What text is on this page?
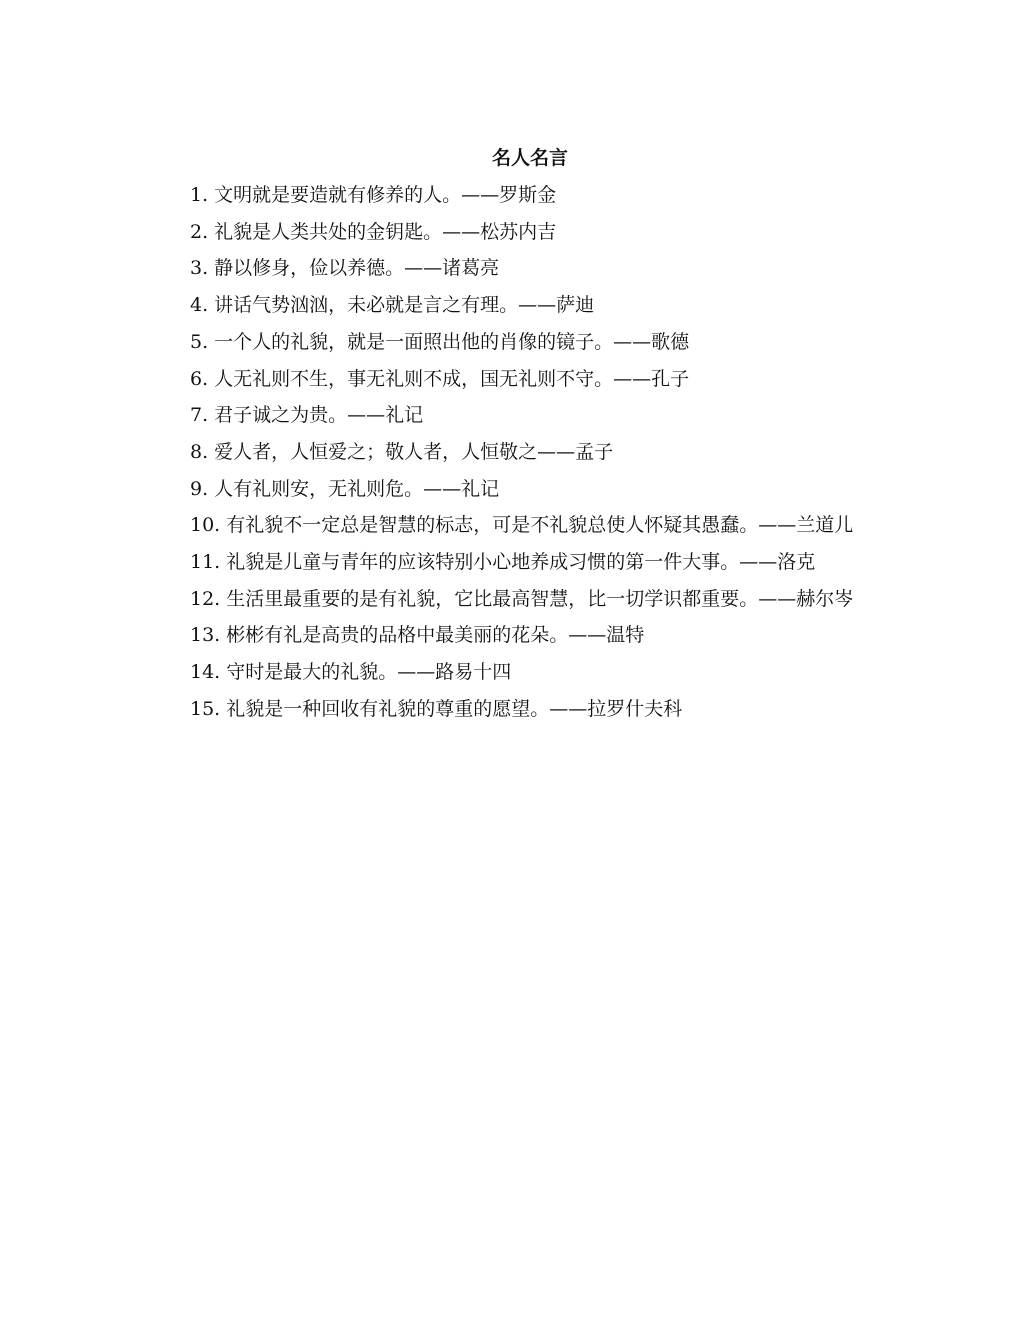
名人名言

1. 文明就是要造就有修养的人。——罗斯金

2. 礼貌是人类共处的金钥匙。——松苏内吉

3. 静以修身，俭以养德。——诸葛亮

4. 讲话气势汹汹，未必就是言之有理。——萨迪

5. 一个人的礼貌，就是一面照出他的肖像的镜子。——歌德

6. 人无礼则不生，事无礼则不成，国无礼则不守。——孔子

7. 君子诚之为贵。——礼记

8. 爱人者，人恒爱之；敬人者，人恒敬之——孟子

9. 人有礼则安，无礼则危。——礼记

10. 有礼貌不一定总是智慧的标志，可是不礼貌总使人怀疑其愚蠢。——兰道儿

11. 礼貌是儿童与青年的应该特别小心地养成习惯的第一件大事。——洛克

12. 生活里最重要的是有礼貌，它比最高智慧，比一切学识都重要。——赫尔岑

13. 彬彬有礼是高贵的品格中最美丽的花朵。——温特

14. 守时是最大的礼貌。——路易十四

15. 礼貌是一种回收有礼貌的尊重的愿望。——拉罗什夫科
